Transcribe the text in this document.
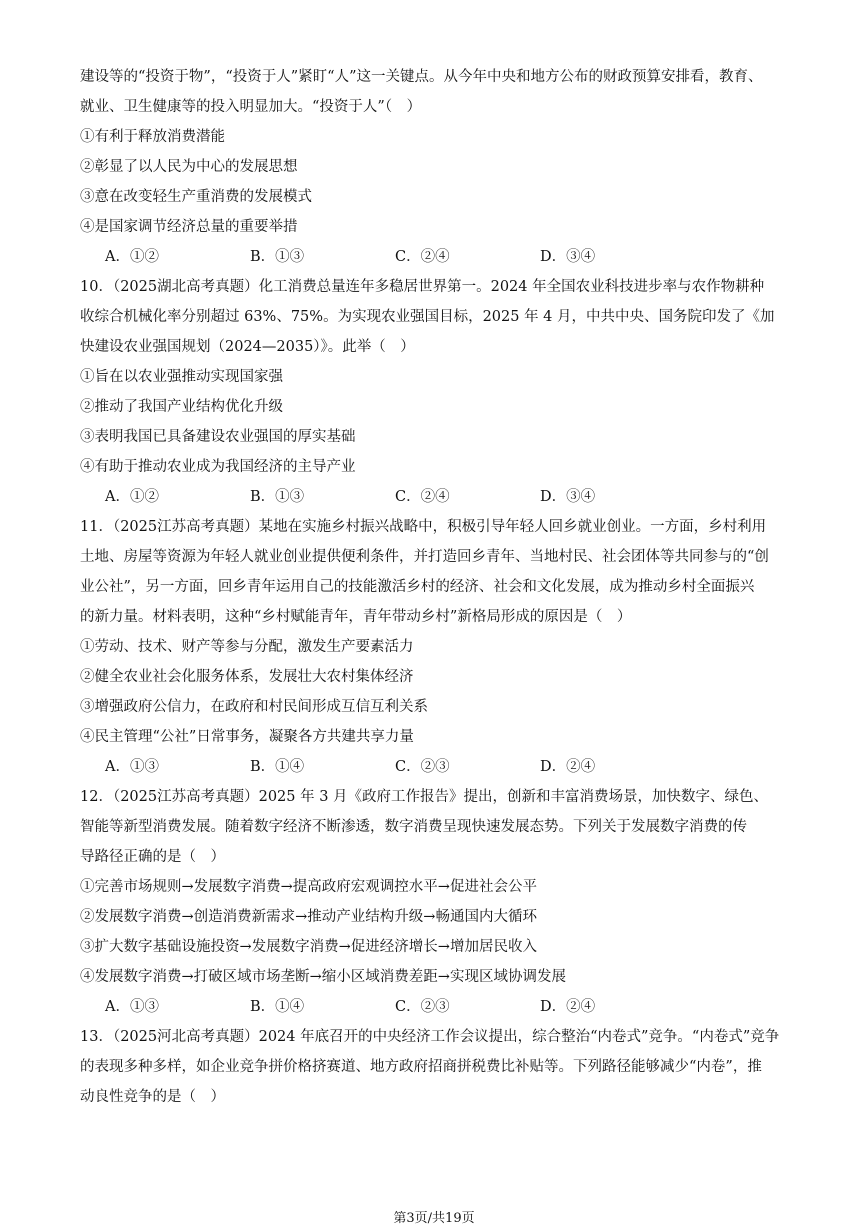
建设等的“投资于物”，“投资于人”紧盯“人”这一关键点。从今年中央和地方公布的财政预算安排看，教育、

就业、卫生健康等的投入明显加大。“投资于人”（　）

①有利于释放消费潜能

②彰显了以人民为中心的发展思想

③意在改变轻生产重消费的发展模式

④是国家调节经济总量的重要举措

A．①②	B．①③	C．②④	D．③④

10．（2025湖北高考真题）化工消费总量连年多稳居世界第一。2024 年全国农业科技进步率与农作物耕种

收综合机械化率分别超过 63%、75%。为实现农业强国目标，2025 年 4 月，中共中央、国务院印发了《加

快建设农业强国规划（2024—2035）》。此举（　）

①旨在以农业强推动实现国家强

②推动了我国产业结构优化升级

③表明我国已具备建设农业强国的厚实基础

④有助于推动农业成为我国经济的主导产业

A．①②	B．①③	C．②④	D．③④

11．（2025江苏高考真题）某地在实施乡村振兴战略中，积极引导年轻人回乡就业创业。一方面，乡村利用

土地、房屋等资源为年轻人就业创业提供便利条件，并打造回乡青年、当地村民、社会团体等共同参与的“创

业公社”，另一方面，回乡青年运用自己的技能激活乡村的经济、社会和文化发展，成为推动乡村全面振兴

的新力量。材料表明，这种“乡村赋能青年，青年带动乡村”新格局形成的原因是（　）

①劳动、技术、财产等参与分配，激发生产要素活力

②健全农业社会化服务体系，发展壮大农村集体经济

③增强政府公信力，在政府和村民间形成互信互利关系

④民主管理“公社”日常事务，凝聚各方共建共享力量

A．①③	B．①④	C．②③	D．②④

12．（2025江苏高考真题）2025 年 3 月《政府工作报告》提出，创新和丰富消费场景，加快数字、绿色、

智能等新型消费发展。随着数字经济不断渗透，数字消费呈现快速发展态势。下列关于发展数字消费的传

导路径正确的是（　）

①完善市场规则→发展数字消费→提高政府宏观调控水平→促进社会公平

②发展数字消费→创造消费新需求→推动产业结构升级→畅通国内大循环

③扩大数字基础设施投资→发展数字消费→促进经济增长→增加居民收入

④发展数字消费→打破区域市场垄断→缩小区域消费差距→实现区域协调发展

A．①③	B．①④	C．②③	D．②④

13．（2025河北高考真题）2024 年底召开的中央经济工作会议提出，综合整治“内卷式”竞争。“内卷式”竞争

的表现多种多样，如企业竞争拼价格挤赛道、地方政府招商拼税费比补贴等。下列路径能够减少“内卷”，推

动良性竞争的是（　）

第3页/共19页
